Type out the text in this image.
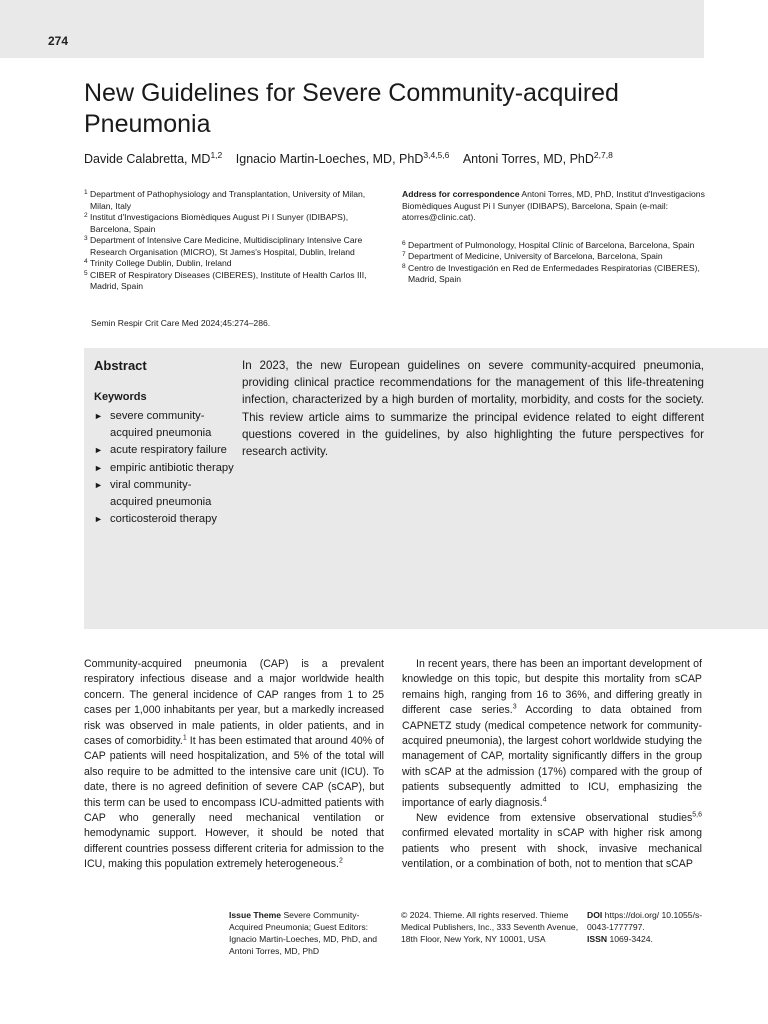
274
New Guidelines for Severe Community-acquired Pneumonia
Davide Calabretta, MD$^{1,2}$ Ignacio Martin-Loeches, MD, PhD$^{3,4,5,6}$ Antoni Torres, MD, PhD$^{2,7,8}$
1 Department of Pathophysiology and Transplantation, University of Milan, Milan, Italy
2 Institut d'Investigacions Biomèdiques August Pi I Sunyer (IDIBAPS), Barcelona, Spain
3 Department of Intensive Care Medicine, Multidisciplinary Intensive Care Research Organisation (MICRO), St James's Hospital, Dublin, Ireland
4 Trinity College Dublin, Dublin, Ireland
5 CIBER of Respiratory Diseases (CIBERES), Institute of Health Carlos III, Madrid, Spain
Address for correspondence Antoni Torres, MD, PhD, Institut d'Investigacions Biomèdiques August Pi I Sunyer (IDIBAPS), Barcelona, Spain (e-mail: atorres@clinic.cat).
6 Department of Pulmonology, Hospital Clínic of Barcelona, Barcelona, Spain
7 Department of Medicine, University of Barcelona, Barcelona, Spain
8 Centro de Investigación en Red de Enfermedades Respiratorias (CIBERES), Madrid, Spain
Semin Respir Crit Care Med 2024;45:274–286.
Abstract
Keywords
► severe community-acquired pneumonia
► acute respiratory failure
► empiric antibiotic therapy
► viral community-acquired pneumonia
► corticosteroid therapy

In 2023, the new European guidelines on severe community-acquired pneumonia, providing clinical practice recommendations for the management of this life-threatening infection, characterized by a high burden of mortality, morbidity, and costs for the society. This review article aims to summarize the principal evidence related to eight different questions covered in the guidelines, by also highlighting the future perspectives for research activity.

Community-acquired pneumonia (CAP) is a prevalent respiratory infectious disease and a major worldwide health concern. The general incidence of CAP ranges from 1 to 25 cases per 1,000 inhabitants per year, but a markedly increased risk was observed in male patients, in older patients, and in cases of comorbidity.$^1$ It has been estimated that around 40% of CAP patients will need hospitalization, and 5% of the total will also require to be admitted to the intensive care unit (ICU). To date, there is no agreed definition of severe CAP (sCAP), but this term can be used to encompass ICU-admitted patients with CAP who generally need mechanical ventilation or hemodynamic support. However, it should be noted that different countries possess different criteria for admission to the ICU, making this population extremely heterogeneous.$^2$

In recent years, there has been an important development of knowledge on this topic, but despite this mortality from sCAP remains high, ranging from 16 to 36%, and differing greatly in different case series.$^3$ According to data obtained from CAPNETZ study (medical competence network for community-acquired pneumonia), the largest cohort worldwide studying the management of CAP, mortality significantly differs in the group with sCAP at the admission (17%) compared with the group of patients subsequently admitted to ICU, emphasizing the importance of early diagnosis.$^4$

New evidence from extensive observational studies$^{5,6}$ confirmed elevated mortality in sCAP with higher risk among patients who present with shock, invasive mechanical ventilation, or a combination of both, not to mention that sCAP

Issue Theme Severe Community-Acquired Pneumonia; Guest Editors: Ignacio Martin-Loeches, MD, PhD, and Antoni Torres, MD, PhD
© 2024. Thieme. All rights reserved. Thieme Medical Publishers, Inc., 333 Seventh Avenue, 18th Floor, New York, NY 10001, USA
DOI https://doi.org/ 10.1055/s-0043-1777797.
ISSN 1069-3424.
